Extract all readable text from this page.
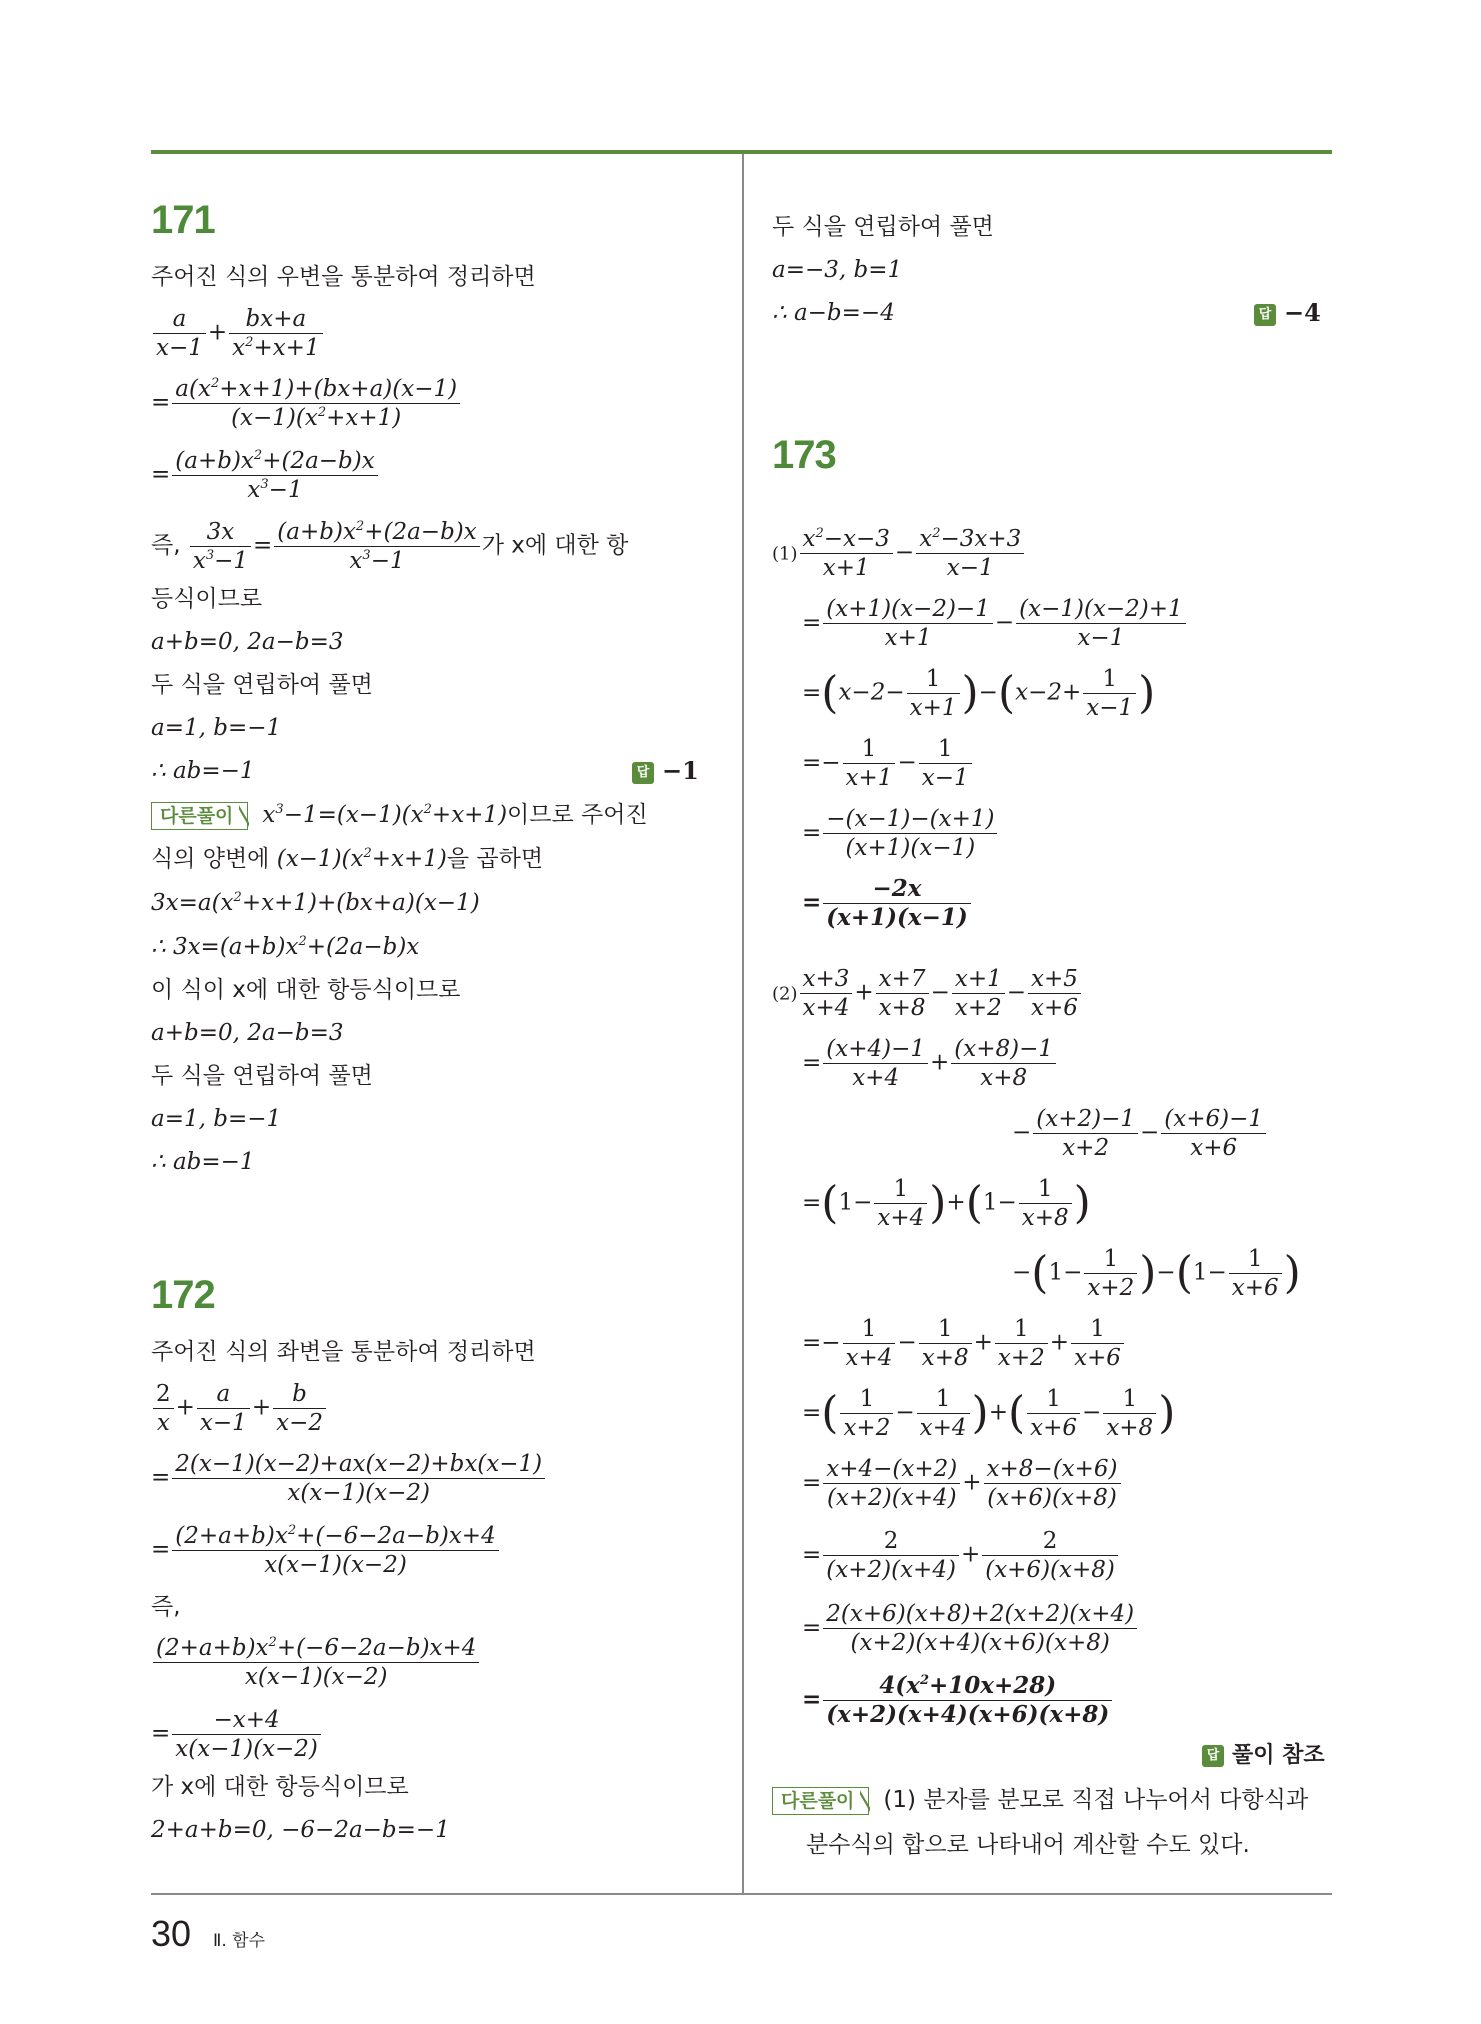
171
주어진 식의 우변을 통분하여 정리하면
$\frac{a}{x-1} + \frac{bx+a}{x^2+x+1}$
= $\frac{a(x^2+x+1)+(bx+a)(x-1)}{(x-1)(x^2+x+1)}$
= $\frac{(a+b)x^2+(2a-b)x}{x^3-1}$
즉, $\frac{3x}{x^3-1} = \frac{(a+b)x^2+(2a-b)x}{x^3-1}$ 가 x에 대한 항
등식이므로
a+b=0, 2a−b=3
두 식을 연립하여 풀면
a=1, b=−1
∴ ab=−1	답 −1
다른풀이 $x^3-1=(x-1)(x^2+x+1)$이므로 주어진
식의 양변에 $(x-1)(x^2+x+1)$을 곱하면
$3x=a(x^2+x+1)+(bx+a)(x-1)$
∴ $3x=(a+b)x^2+(2a-b)x$
이 식이 x에 대한 항등식이므로
a+b=0, 2a−b=3
두 식을 연립하여 풀면
a=1, b=−1
∴ ab=−1
172
주어진 식의 좌변을 통분하여 정리하면
$\frac{2}{x} + \frac{a}{x-1} + \frac{b}{x-2}$
= $\frac{2(x-1)(x-2)+ax(x-2)+bx(x-1)}{x(x-1)(x-2)}$
= $\frac{(2+a+b)x^2+(-6-2a-b)x+4}{x(x-1)(x-2)}$
즉,
$\frac{(2+a+b)x^2+(-6-2a-b)x+4}{x(x-1)(x-2)}$
= $\frac{-x+4}{x(x-1)(x-2)}$
가 x에 대한 항등식이므로
2+a+b=0, −6−2a−b=−1
두 식을 연립하여 풀면
a=−3, b=1
∴ a−b=−4	답 −4
173
$(1) \frac{x^2-x-3}{x+1} - \frac{x^2-3x+3}{x-1}$
= $\frac{(x+1)(x-2)-1}{x+1} - \frac{(x-1)(x-2)+1}{x-1}$
$=(x-2- \frac{1}{x+1} )-(x-2+ \frac{1}{x-1}$ )
=− $\frac{1}{x+1} - \frac{1}{x-1}$
= $\frac{-(x-1)-(x+1)}{(x+1)(x-1)}$
= $\frac{-2x}{(x+1)(x-1)}$
$(2) \frac{x+3}{x+4} + \frac{x+7}{x+8} - \frac{x+1}{x+2} - \frac{x+5}{x+6}$
= $\frac{(x+4)-1}{x+4} + \frac{(x+8)-1}{x+8}$
− $\frac{(x+2)-1}{x+2} - \frac{(x+6)-1}{x+6}$
$=(1- \frac{1}{x+4} )+(1- \frac{1}{x+8}$ )
$-(1- \frac{1}{x+2} )-(1- \frac{1}{x+6}$ )
=− $\frac{1}{x+4} - \frac{1}{x+8} + \frac{1}{x+2} + \frac{1}{x+6}$
=( $\frac{1}{x+2} - \frac{1}{x+4}$ )+( $\frac{1}{x+6} - \frac{1}{x+8}$ )
= $\frac{x+4-(x+2)}{(x+2)(x+4)} + \frac{x+8-(x+6)}{(x+6)(x+8)}$
= $\frac{2}{(x+2)(x+4)} + \frac{2}{(x+6)(x+8)}$
= $\frac{2(x+6)(x+8)+2(x+2)(x+4)}{(x+2)(x+4)(x+6)(x+8)}$
= $\frac{4(x^2+10x+28)}{(x+2)(x+4)(x+6)(x+8)}$
답 풀이 참조
다른풀이 (1) 분자를 분모로 직접 나누어서 다항식과
분수식의 합으로 나타내어 계산할 수도 있다.
30 Ⅱ. 함수
